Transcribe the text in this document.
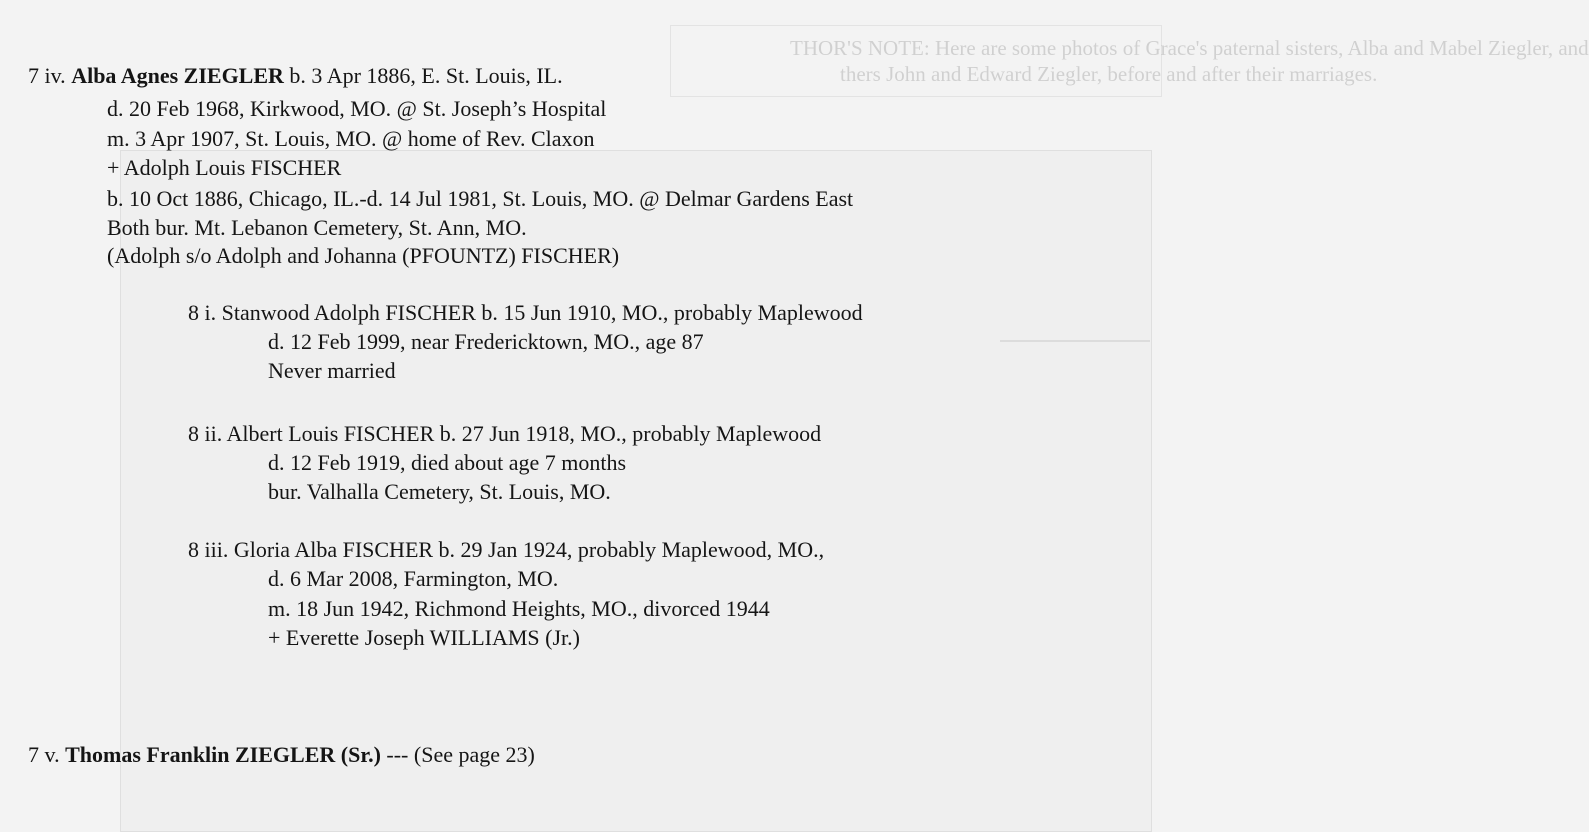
THOR'S NOTE: Here are some photos of Grace's paternal sisters, Alba and Mabel Ziegler, and
thers John and Edward Ziegler, before and after their marriages.
7 iv. Alba Agnes ZIEGLER b. 3 Apr 1886, E. St. Louis, IL.
d. 20 Feb 1968, Kirkwood, MO. @ St. Joseph’s Hospital
m. 3 Apr 1907, St. Louis, MO. @ home of Rev. Claxon
+ Adolph Louis FISCHER
b. 10 Oct 1886, Chicago, IL.-d. 14 Jul 1981, St. Louis, MO. @ Delmar Gardens East
Both bur. Mt. Lebanon Cemetery, St. Ann, MO.
(Adolph s/o Adolph and Johanna (PFOUNTZ) FISCHER)
8 i. Stanwood Adolph FISCHER b. 15 Jun 1910, MO., probably Maplewood
d. 12 Feb 1999, near Fredericktown, MO., age 87
Never married
8 ii. Albert Louis FISCHER b. 27 Jun 1918, MO., probably Maplewood
d. 12 Feb 1919, died about age 7 months
bur. Valhalla Cemetery, St. Louis, MO.
8 iii. Gloria Alba FISCHER b. 29 Jan 1924, probably Maplewood, MO.,
d. 6 Mar 2008, Farmington, MO.
m. 18 Jun 1942, Richmond Heights, MO., divorced 1944
+ Everette Joseph WILLIAMS (Jr.)
7 v. Thomas Franklin ZIEGLER (Sr.) --- (See page 23)
